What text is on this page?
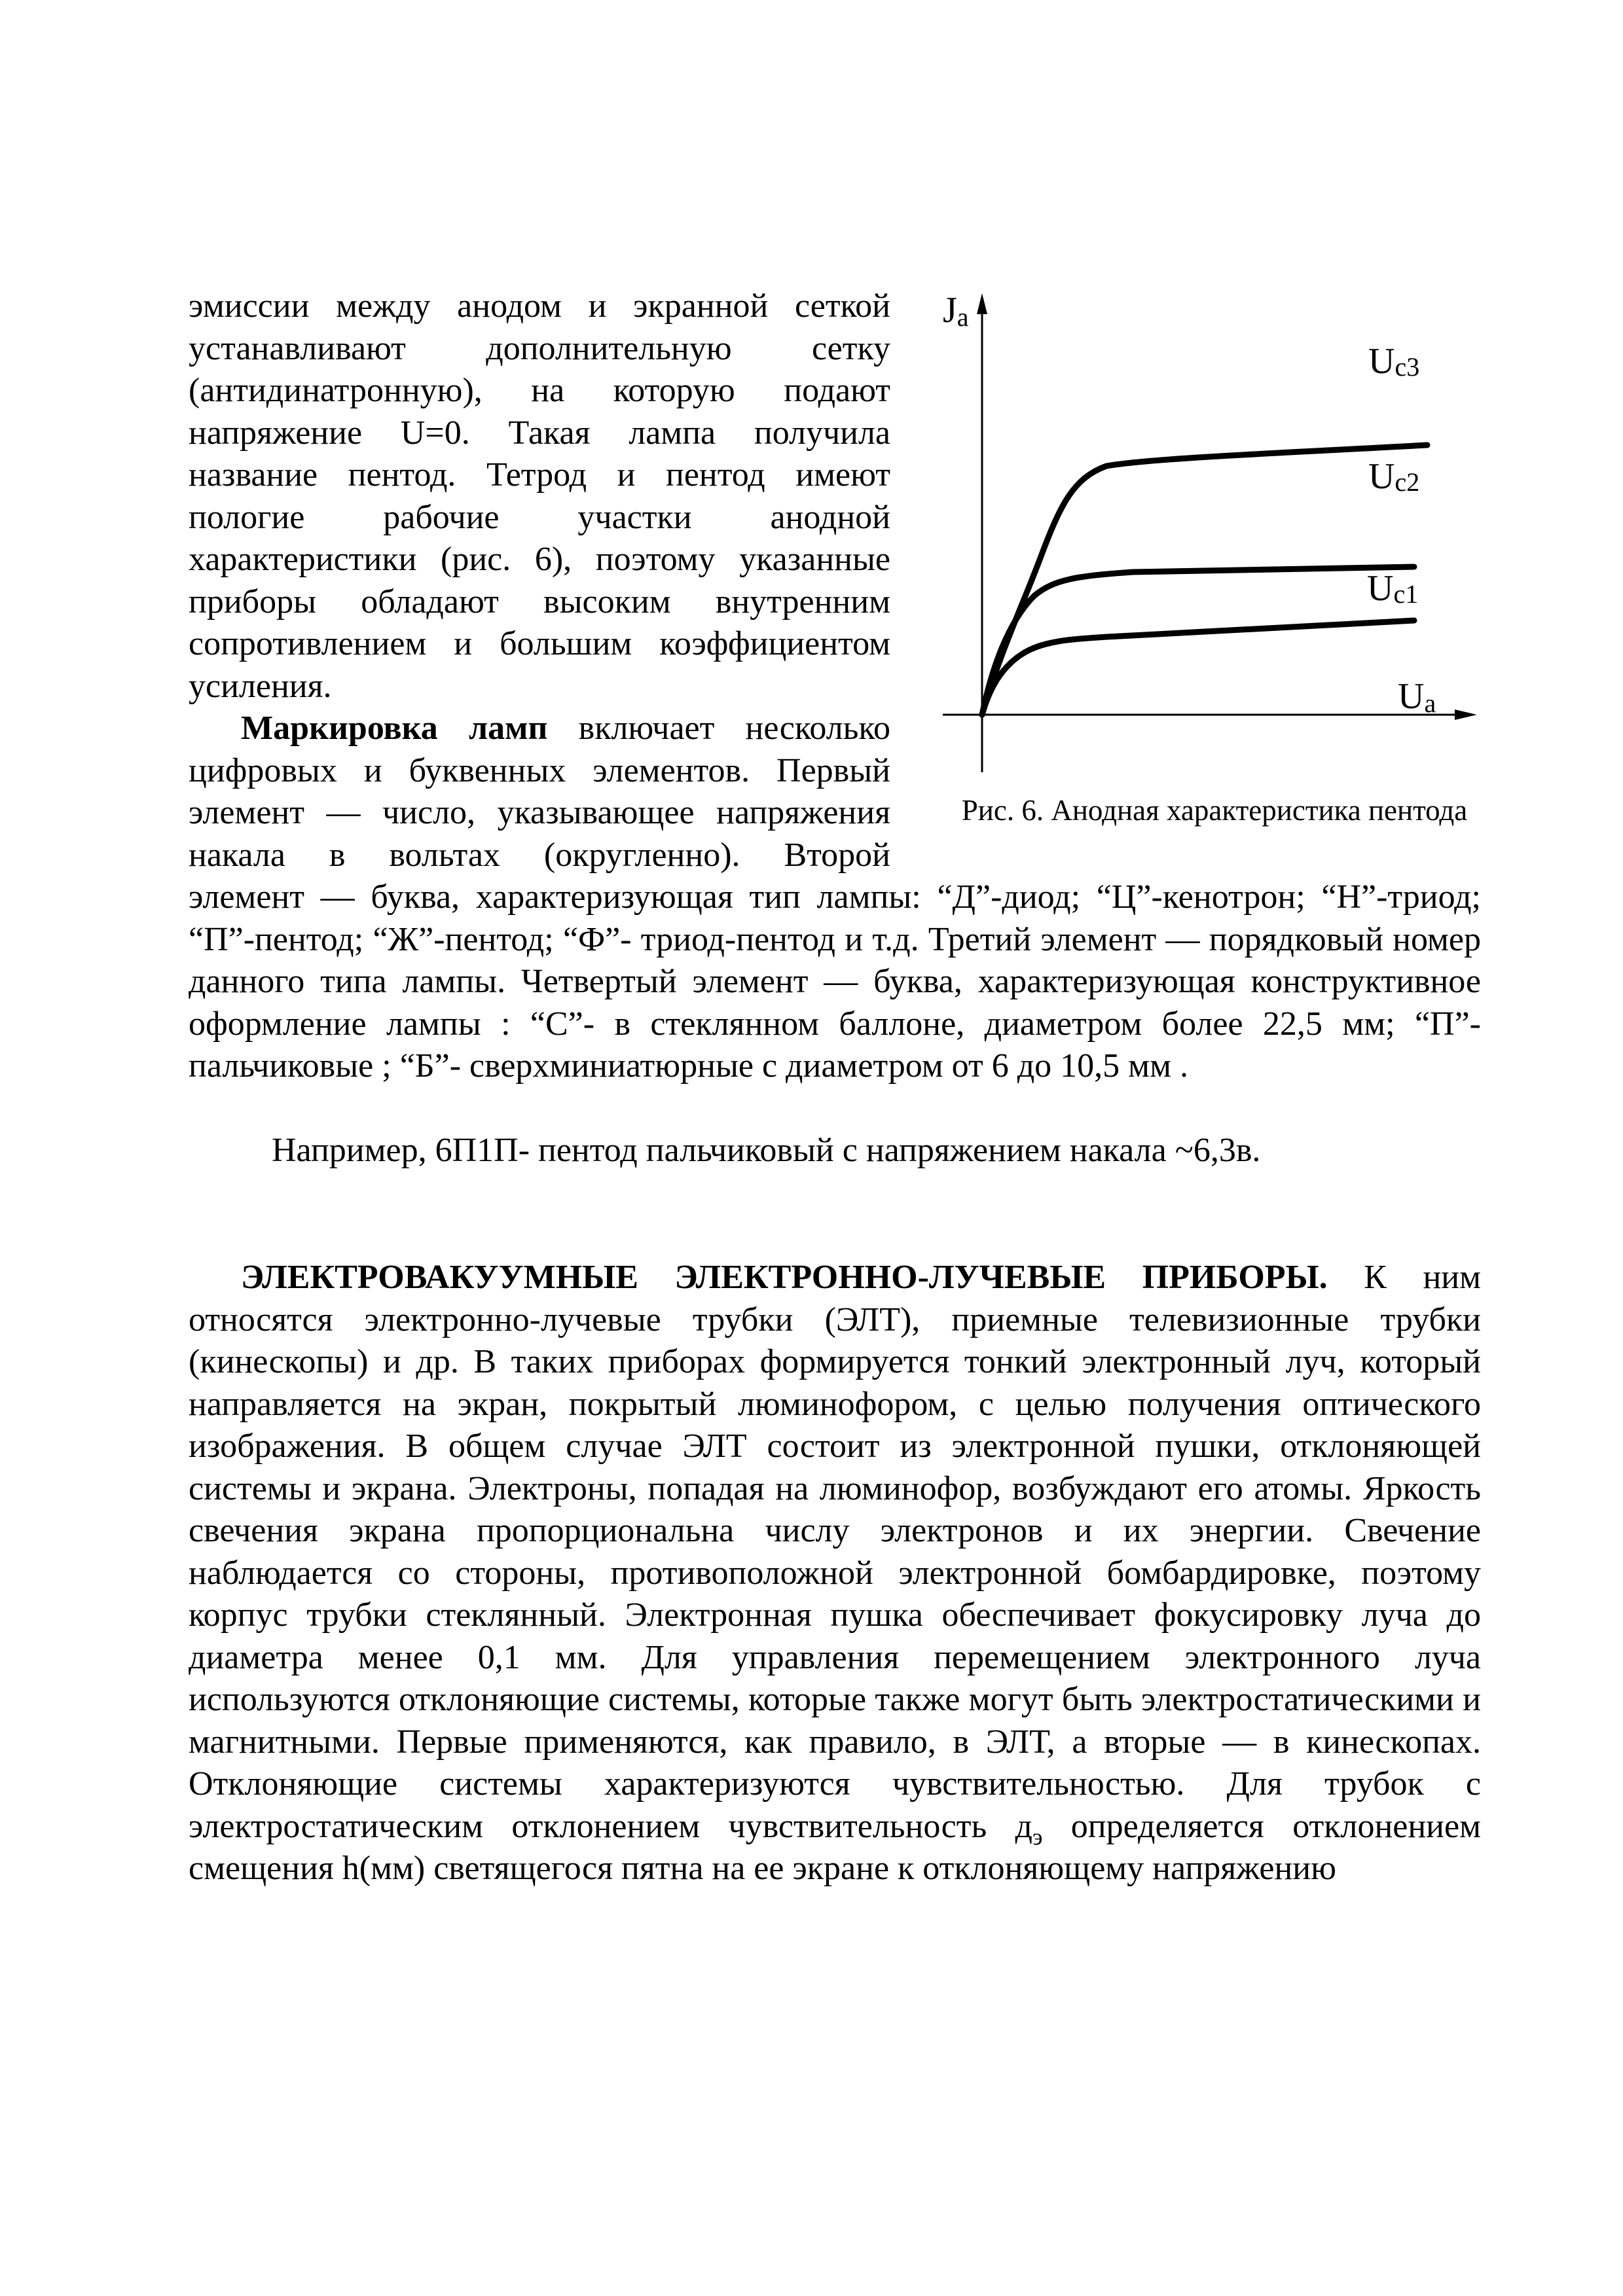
эмиссии между анодом и экранной сеткой
устанавливают дополнительную сетку
(антидинатронную), на которую подают
напряжение U=0. Такая лампа получила
название пентод. Тетрод и пентод имеют
пологие рабочие участки анодной
характеристики (рис. 6), поэтому указанные
приборы обладают высоким внутренним
сопротивлением и большим коэффициентом
усиления.
Маркировка ламп включает несколько
цифровых и буквенных элементов. Первый
элемент — число, указывающее напряжения
накала в вольтах (округленно). Второй
элемент — буква, характеризующая тип лампы: “Д”-диод; “Ц”-кенотрон; “Н”-триод; “П”-пентод; “Ж”-пентод; “Ф”- триод-пентод и т.д. Третий элемент — порядковый номер данного типа лампы. Четвертый элемент — буква, характеризующая конструктивное оформление лампы : “С”- в стеклянном баллоне, диаметром более 22,5 мм; “П”- пальчиковые ; “Б”- сверхминиатюрные с диаметром от 6 до 10,5 мм .
Например, 6П1П- пентод пальчиковый с напряжением накала ~6,3в.
ЭЛЕКТРОВАКУУМНЫЕ ЭЛЕКТРОННО-ЛУЧЕВЫЕ ПРИБОРЫ. К ним относятся электронно-лучевые трубки (ЭЛТ), приемные телевизионные трубки (кинескопы) и др. В таких приборах формируется тонкий электронный луч, который направляется на экран, покрытый люминофором, с целью получения оптического изображения. В общем случае ЭЛТ состоит из электронной пушки, отклоняющей системы и экрана. Электроны, попадая на люминофор, возбуждают его атомы. Яркость свечения экрана пропорциональна числу электронов и их энергии. Свечение наблюдается со стороны, противоположной электронной бомбардировке, поэтому корпус трубки стеклянный. Электронная пушка обеспечивает фокусировку луча до диаметра менее 0,1 мм. Для управления перемещением электронного луча используются отклоняющие системы, которые также могут быть электростатическими и магнитными. Первые применяются, как правило, в ЭЛТ, а вторые — в кинескопах. Отклоняющие системы характеризуются чувствительностью. Для трубок с электростатическим отклонением чувствительность $д_э$ определяется отклонением смещения h(мм) светящегося пятна на ее экране к отклоняющему напряжению
Ja
Ua
Uc3
Uc2
Uc1
Рис. 6. Анодная характеристика пентода
